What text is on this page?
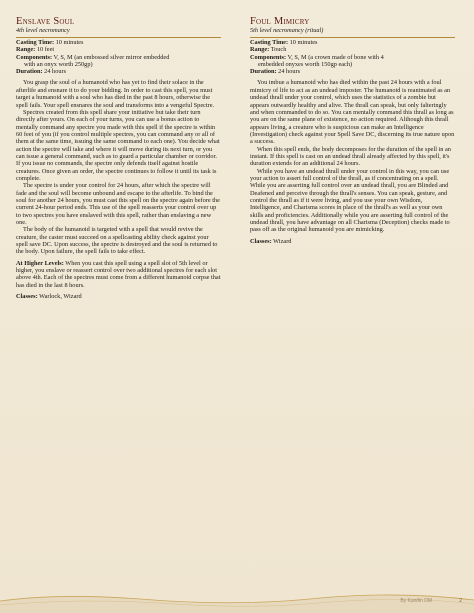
Enslave Soul
4th level necromancy
Casting Time: 10 minutes
Range: 10 feet
Components: V, S, M (an embossed silver mirror embedded
with an onyx worth 250gp)
Duration: 24 hours

You grasp the soul of a humanoid who has yet to find their solace in the afterlife and ensnare it to do your bidding. In order to cast this spell, you must target a humanoid with a soul who has died in the past 8 hours, otherwise the spell fails. Your spell ensnares the soul and transforms into a vengeful Spectre.

Spectres created from this spell share your initiative but take their turn directly after yours. On each of your turns, you can use a bonus action to mentally command any spectre you made with this spell if the spectre is within 60 feet of you (if you control multiple spectres, you can command any or all of them at the same time, issuing the same command to each one). You decide what action the spectre will take and where it will move during its next turn, or you can issue a general command, such as to guard a particular chamber or corridor. If you issue no commands, the spectre only defends itself against hostile creatures. Once given an order, the spectre continues to follow it until its task is complete.

The spectre is under your control for 24 hours, after which the spectre will fade and the soul will become unbound and escape to the afterlife. To bind the soul for another 24 hours, you must cast this spell on the spectre again before the current 24-hour period ends. This use of the spell reasserts your control over up to two spectres you have enslaved with this spell, rather than enslaving a new one.

The body of the humanoid is targeted with a spell that would revive the creature, the caster must succeed on a spellcasting ability check against your spell save DC. Upon success, the spectre is destroyed and the soul is returned to the body. Upon failure, the spell fails to take effect.

At Higher Levels: When you cast this spell using a spell slot of 5th level or higher, you enslave or reassert control over two additional spectres for each slot above 4th. Each of the spectres must come from a different humanoid corpse that has died in the last 8 hours.
Classes: Warlock, Wizard
Foul Mimicry
5th level necromancy (ritual)
Casting Time: 10 minutes
Range: Touch
Components: V, S, M (a crown made of bone with 4
embedded onyxes worth 150gp each)
Duration: 24 hours

You imbue a humanoid who has died within the past 24 hours with a foul mimicry of life to act as an undead imposter. The humanoid is reanimated as an undead thrall under your control, which uses the statistics of a zombie but appears outwardly healthy and alive. The thrall can speak, but only falteringly and when commanded to do so. You can mentally command this thrall as long as you are on the same plane of existence, no action required. Although this thrall appears living, a creature who is suspicious can make an Intelligence (Investigation) check against your Spell Save DC, discerning its true nature upon a success.

When this spell ends, the body decomposes for the duration of the spell in an instant. If this spell is cast on an undead thrall already affected by this spell, it's duration extends for an additional 24 hours.

While you have an undead thrall under your control in this way, you can use your action to assert full control of the thrall, as if concentrating on a spell. While you are asserting full control over an undead thrall, you are Blinded and Deafened and perceive through the thrall's senses. You can speak, gesture, and control the thrall as if it were living, and you use your own Wisdom, Intelligence, and Charisma scores in place of the thrall's as well as your own skills and proficiencies. Additionally while you are asserting full control of the undead thrall, you have advantage on all Charisma (Deception) checks made to pass off as the original humanoid you are mimicking.

Classes: Wizard
By Kanifin DM	2
